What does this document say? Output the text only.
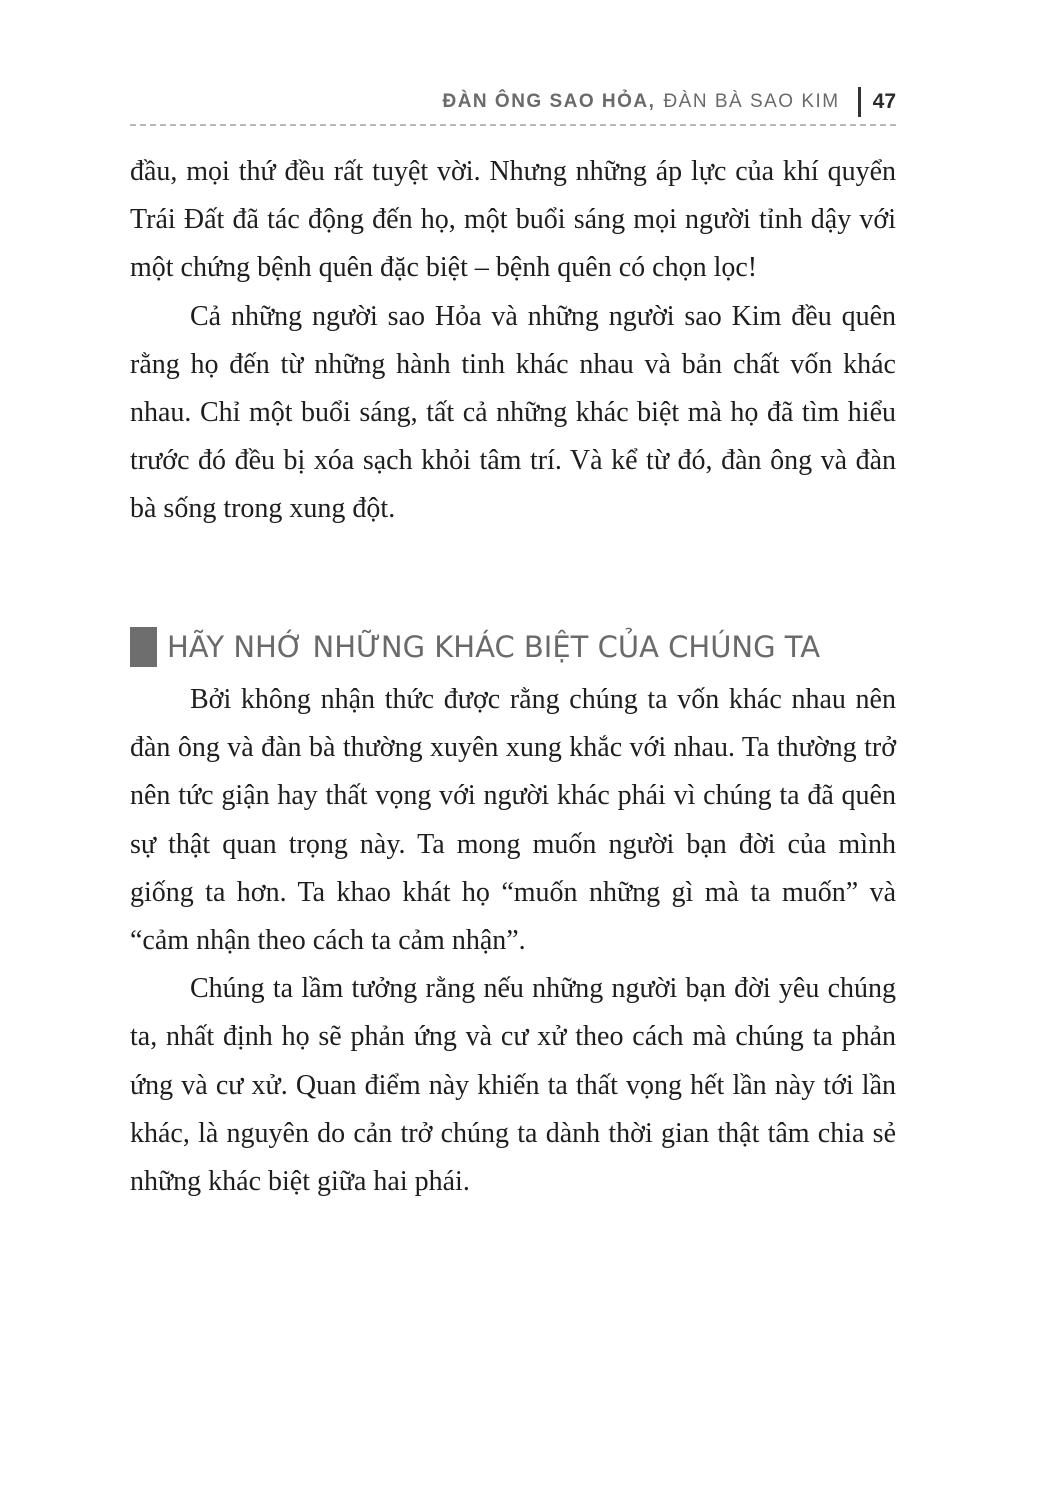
ĐÀN ÔNG SAO HỎA, ĐÀN BÀ SAO KIM 47

đầu, mọi thứ đều rất tuyệt vời. Nhưng những áp lực của khí quyển Trái Đất đã tác động đến họ, một buổi sáng mọi người tỉnh dậy với một chứng bệnh quên đặc biệt – bệnh quên có chọn lọc!

Cả những người sao Hỏa và những người sao Kim đều quên rằng họ đến từ những hành tinh khác nhau và bản chất vốn khác nhau. Chỉ một buổi sáng, tất cả những khác biệt mà họ đã tìm hiểu trước đó đều bị xóa sạch khỏi tâm trí. Và kể từ đó, đàn ông và đàn bà sống trong xung đột.

HÃY NHỚ NHỮNG KHÁC BIỆT CỦA CHÚNG TA

Bởi không nhận thức được rằng chúng ta vốn khác nhau nên đàn ông và đàn bà thường xuyên xung khắc với nhau. Ta thường trở nên tức giận hay thất vọng với người khác phái vì chúng ta đã quên sự thật quan trọng này. Ta mong muốn người bạn đời của mình giống ta hơn. Ta khao khát họ “muốn những gì mà ta muốn” và “cảm nhận theo cách ta cảm nhận”.

Chúng ta lầm tưởng rằng nếu những người bạn đời yêu chúng ta, nhất định họ sẽ phản ứng và cư xử theo cách mà chúng ta phản ứng và cư xử. Quan điểm này khiến ta thất vọng hết lần này tới lần khác, là nguyên do cản trở chúng ta dành thời gian thật tâm chia sẻ những khác biệt giữa hai phái.
